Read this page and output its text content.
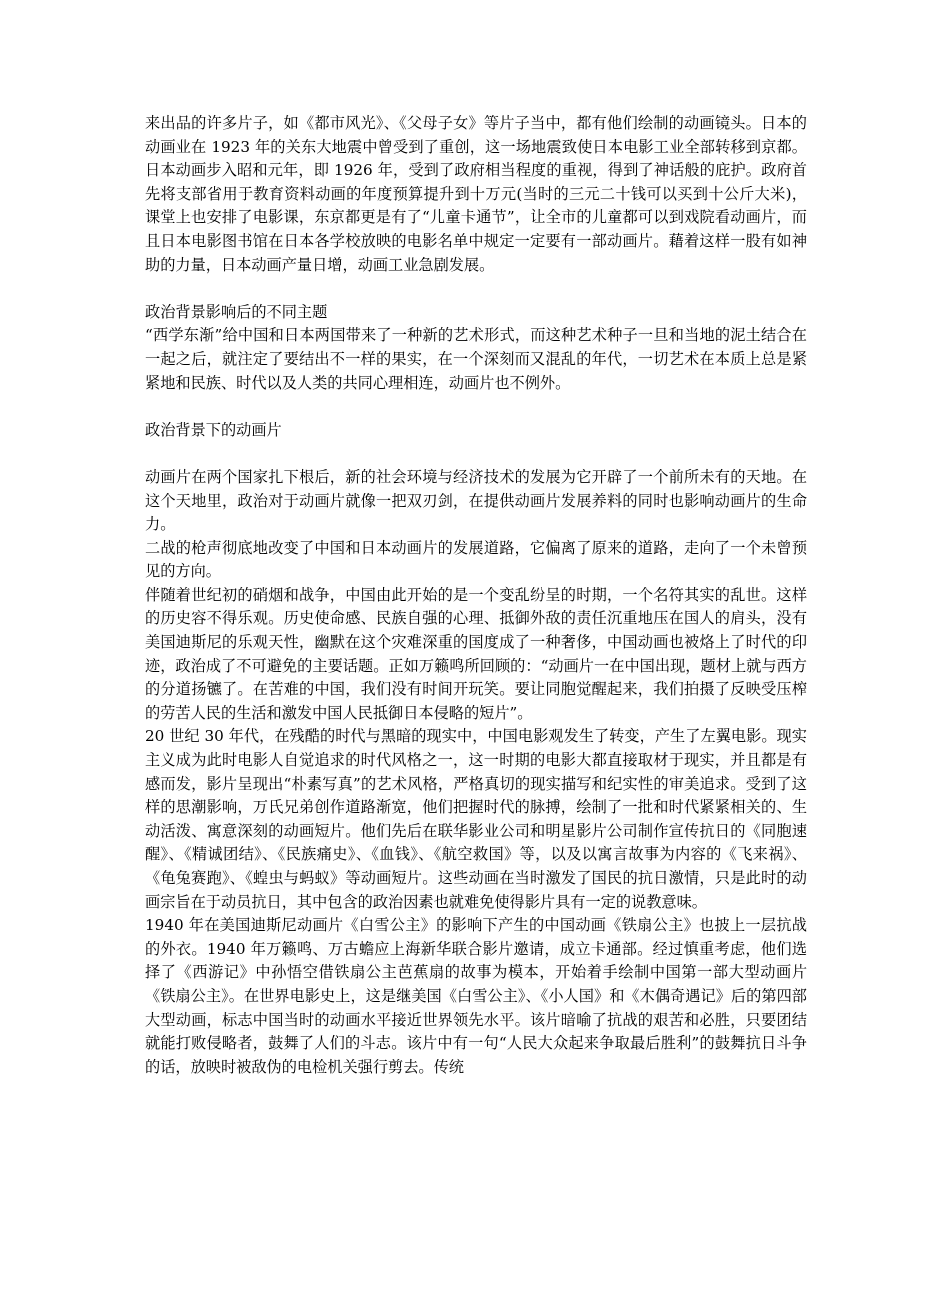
来出品的许多片子，如《都市风光》、《父母子女》等片子当中，都有他们绘制的动画镜头。日本的动画业在 1923 年的关东大地震中曾受到了重创，这一场地震致使日本电影工业全部转移到京都。日本动画步入昭和元年，即 1926 年，受到了政府相当程度的重视，得到了神话般的庇护。政府首先将支部省用于教育资料动画的年度预算提升到十万元(当时的三元二十钱可以买到十公斤大米)，课堂上也安排了电影课，东京都更是有了“儿童卡通节”，让全市的儿童都可以到戏院看动画片，而且日本电影图书馆在日本各学校放映的电影名单中规定一定要有一部动画片。藉着这样一股有如神助的力量，日本动画产量日增，动画工业急剧发展。

政治背景影响后的不同主题

“西学东渐”给中国和日本两国带来了一种新的艺术形式，而这种艺术种子一旦和当地的泥土结合在一起之后，就注定了要结出不一样的果实，在一个深刻而又混乱的年代，一切艺术在本质上总是紧紧地和民族、时代以及人类的共同心理相连，动画片也不例外。

政治背景下的动画片

动画片在两个国家扎下根后，新的社会环境与经济技术的发展为它开辟了一个前所未有的天地。在这个天地里，政治对于动画片就像一把双刃剑，在提供动画片发展养料的同时也影响动画片的生命力。

二战的枪声彻底地改变了中国和日本动画片的发展道路，它偏离了原来的道路，走向了一个未曾预见的方向。

伴随着世纪初的硝烟和战争，中国由此开始的是一个变乱纷呈的时期，一个名符其实的乱世。这样的历史容不得乐观。历史使命感、民族自强的心理、抵御外敌的责任沉重地压在国人的肩头，没有美国迪斯尼的乐观天性，幽默在这个灾难深重的国度成了一种奢侈，中国动画也被烙上了时代的印迹，政治成了不可避免的主要话题。正如万籁鸣所回顾的：“动画片一在中国出现，题材上就与西方的分道扬镳了。在苦难的中国，我们没有时间开玩笑。要让同胞觉醒起来，我们拍摄了反映受压榨的劳苦人民的生活和激发中国人民抵御日本侵略的短片”。

20 世纪 30 年代，在残酷的时代与黑暗的现实中，中国电影观发生了转变，产生了左翼电影。现实主义成为此时电影人自觉追求的时代风格之一，这一时期的电影大都直接取材于现实，并且都是有感而发，影片呈现出“朴素写真”的艺术风格，严格真切的现实描写和纪实性的审美追求。受到了这样的思潮影响，万氏兄弟创作道路渐宽，他们把握时代的脉搏，绘制了一批和时代紧紧相关的、生动活泼、寓意深刻的动画短片。他们先后在联华影业公司和明星影片公司制作宣传抗日的《同胞速醒》、《精诚团结》、《民族痛史》、《血钱》、《航空救国》等，以及以寓言故事为内容的《飞来祸》、《龟兔赛跑》、《蝗虫与蚂蚁》等动画短片。这些动画在当时激发了国民的抗日激情，只是此时的动画宗旨在于动员抗日，其中包含的政治因素也就难免使得影片具有一定的说教意味。

1940 年在美国迪斯尼动画片《白雪公主》的影响下产生的中国动画《铁扇公主》也披上一层抗战的外衣。1940 年万籁鸣、万古蟾应上海新华联合影片邀请，成立卡通部。经过慎重考虑，他们选择了《西游记》中孙悟空借铁扇公主芭蕉扇的故事为模本，开始着手绘制中国第一部大型动画片《铁扇公主》。在世界电影史上，这是继美国《白雪公主》、《小人国》和《木偶奇遇记》后的第四部大型动画，标志中国当时的动画水平接近世界领先水平。该片暗喻了抗战的艰苦和必胜，只要团结就能打败侵略者，鼓舞了人们的斗志。该片中有一句“人民大众起来争取最后胜利”的鼓舞抗日斗争的话，放映时被敌伪的电检机关强行剪去。传统
